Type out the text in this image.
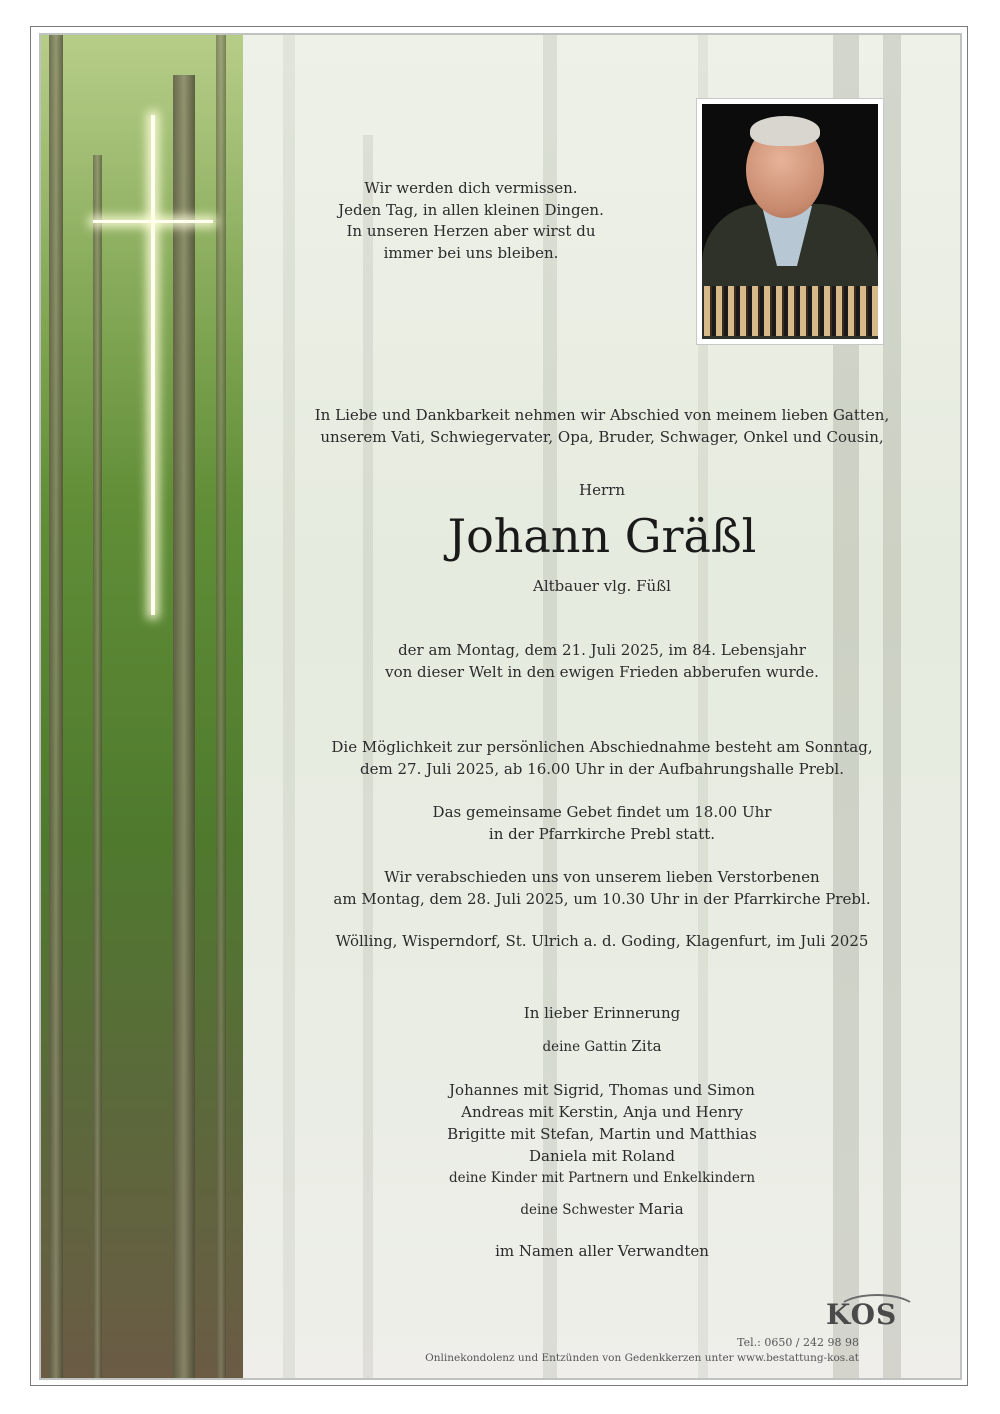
Wir werden dich vermissen.
Jeden Tag, in allen kleinen Dingen.
In unseren Herzen aber wirst du
immer bei uns bleiben.
In Liebe und Dankbarkeit nehmen wir Abschied von meinem lieben Gatten,
unserem Vati, Schwiegervater, Opa, Bruder, Schwager, Onkel und Cousin,
Herrn
Johann Gräßl
Altbauer vlg. Füßl
der am Montag, dem 21. Juli 2025, im 84. Lebensjahr
von dieser Welt in den ewigen Frieden abberufen wurde.
Die Möglichkeit zur persönlichen Abschiednahme besteht am Sonntag,
dem 27. Juli 2025, ab 16.00 Uhr in der Aufbahrungshalle Prebl.
Das gemeinsame Gebet findet um 18.00 Uhr
in der Pfarrkirche Prebl statt.
Wir verabschieden uns von unserem lieben Verstorbenen
am Montag, dem 28. Juli 2025, um 10.30 Uhr in der Pfarrkirche Prebl.
Wölling, Wisperndorf, St. Ulrich a. d. Goding, Klagenfurt, im Juli 2025
In lieber Erinnerung
deine Gattin Zita
Johannes mit Sigrid, Thomas und Simon
Andreas mit Kerstin, Anja und Henry
Brigitte mit Stefan, Martin und Matthias
Daniela mit Roland
deine Kinder mit Partnern und Enkelkindern
deine Schwester Maria
im Namen aller Verwandten
Tel.: 0650 / 242 98 98
Onlinekondolenz und Entzünden von Gedenkkerzen unter www.bestattung-kos.at
KOS
